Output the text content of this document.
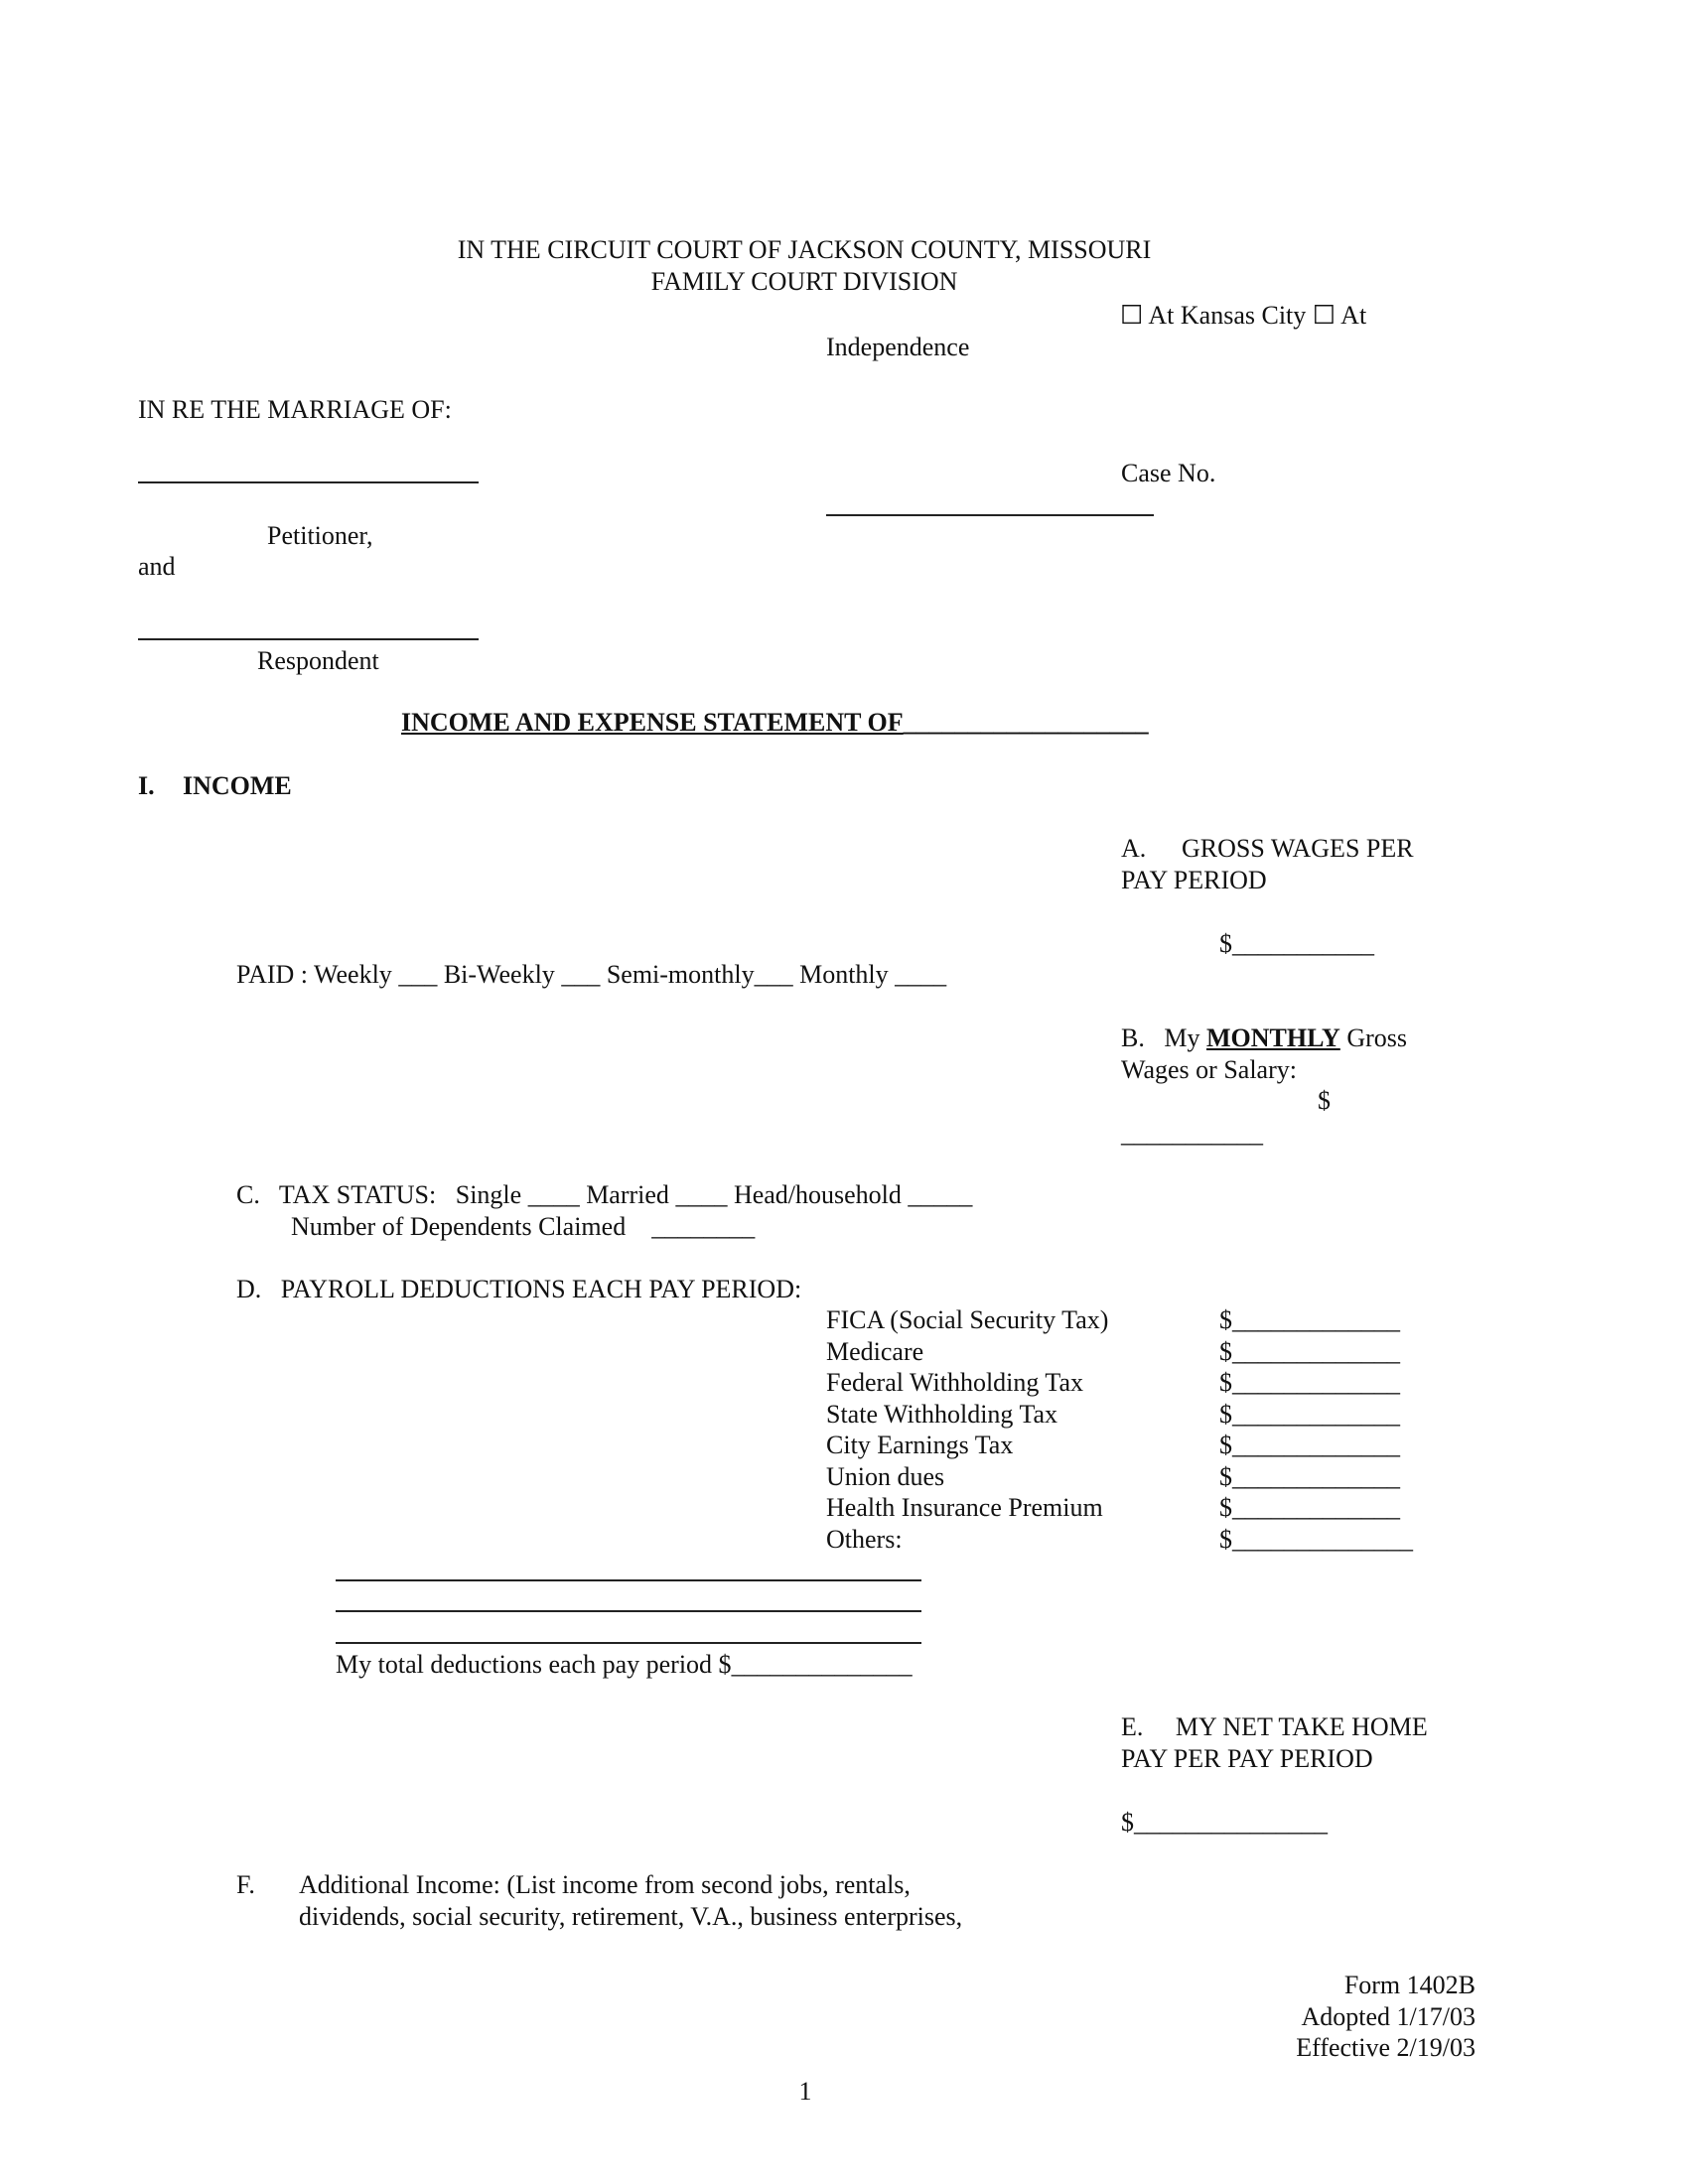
IN THE CIRCUIT COURT OF JACKSON COUNTY, MISSOURI
FAMILY COURT DIVISION
☐ At Kansas City ☐ At
Independence
IN RE THE MARRIAGE OF:
Case No.
Petitioner,
and
Respondent
INCOME AND EXPENSE STATEMENT OF___________________
I. INCOME
A. GROSS WAGES PER
PAY PERIOD
$___________
PAID : Weekly ___ Bi-Weekly ___ Semi-monthly___ Monthly ____
B. My MONTHLY Gross
Wages or Salary:
$
___________
C. TAX STATUS: Single ____ Married ____ Head/household _____
Number of Dependents Claimed ________
D. PAYROLL DEDUCTIONS EACH PAY PERIOD:
FICA (Social Security Tax)	$_____________
Medicare	$_____________
Federal Withholding Tax	$_____________
State Withholding Tax	$_____________
City Earnings Tax	$_____________
Union dues	$_____________
Health Insurance Premium	$_____________
Others:	$______________
My total deductions each pay period $______________
E. MY NET TAKE HOME
PAY PER PAY PERIOD
$_______________
F. Additional Income: (List income from second jobs, rentals,
dividends, social security, retirement, V.A., business enterprises,
Form 1402B
Adopted 1/17/03
Effective 2/19/03
1
